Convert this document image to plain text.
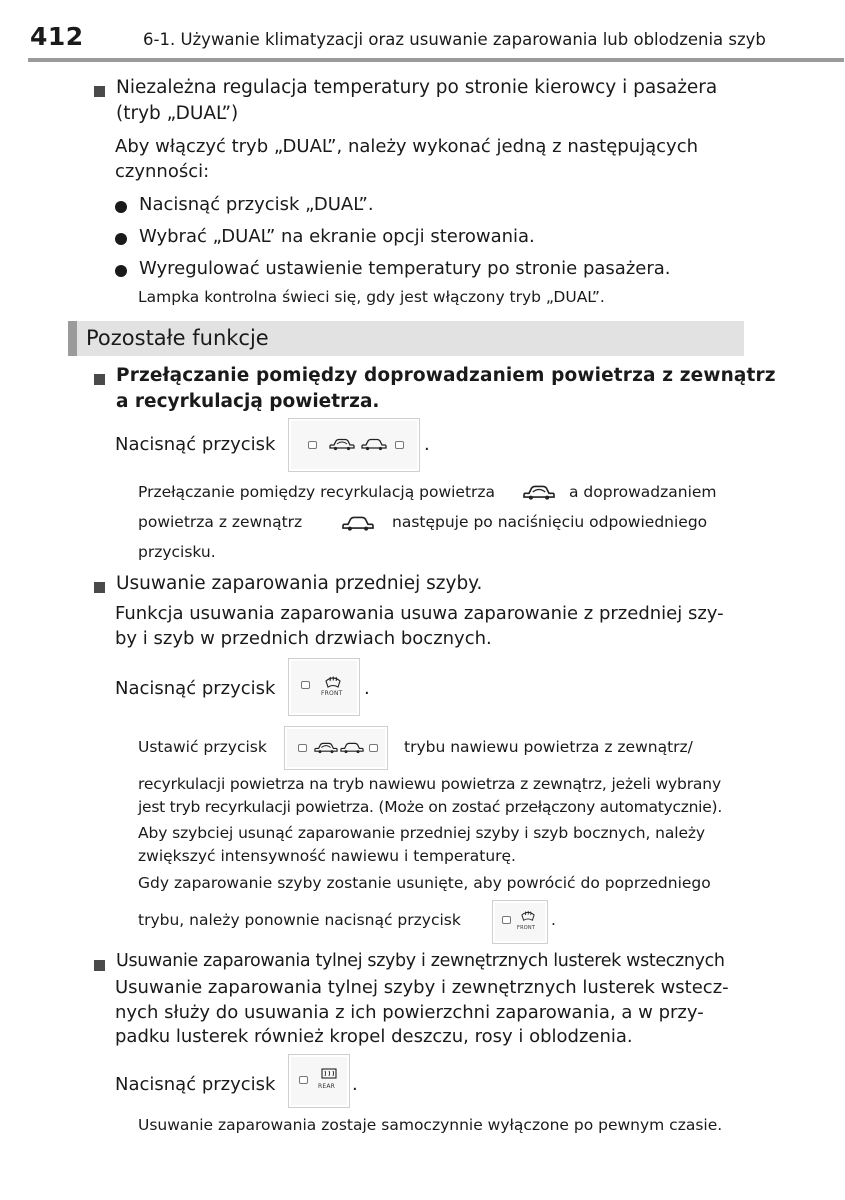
412	6-1. Używanie klimatyzacji oraz usuwanie zaparowania lub oblodzenia szyb
Niezależna regulacja temperatury po stronie kierowcy i pasażera
(tryb „DUAL”)
Aby włączyć tryb „DUAL”, należy wykonać jedną z następujących
czynności:
Nacisnąć przycisk „DUAL”.
Wybrać „DUAL” na ekranie opcji sterowania.
Wyregulować ustawienie temperatury po stronie pasażera.
Lampka kontrolna świeci się, gdy jest włączony tryb „DUAL”.
Pozostałe funkcje
Przełączanie pomiędzy doprowadzaniem powietrza z zewnątrz
a recyrkulacją powietrza.
Nacisnąć przycisk	.
Przełączanie pomiędzy recyrkulacją powietrza	a doprowadzaniem
powietrza z zewnątrz	następuje po naciśnięciu odpowiedniego
przycisku.
Usuwanie zaparowania przedniej szyby.
Funkcja usuwania zaparowania usuwa zaparowanie z przedniej szy-
by i szyb w przednich drzwiach bocznych.
Nacisnąć przycisk	FRONT .
Ustawić przycisk	trybu nawiewu powietrza z zewnątrz/
recyrkulacji powietrza na tryb nawiewu powietrza z zewnątrz, jeżeli wybrany
jest tryb recyrkulacji powietrza. (Może on zostać przełączony automatycznie).
Aby szybciej usunąć zaparowanie przedniej szyby i szyb bocznych, należy
zwiększyć intensywność nawiewu i temperaturę.
Gdy zaparowanie szyby zostanie usunięte, aby powrócić do poprzedniego
trybu, należy ponownie nacisnąć przycisk	FRONT .
Usuwanie zaparowania tylnej szyby i zewnętrznych lusterek wstecznych
Usuwanie zaparowania tylnej szyby i zewnętrznych lusterek wstecz-
nych służy do usuwania z ich powierzchni zaparowania, a w przy-
padku lusterek również kropel deszczu, rosy i oblodzenia.
Nacisnąć przycisk	REAR .
Usuwanie zaparowania zostaje samoczynnie wyłączone po pewnym czasie.
